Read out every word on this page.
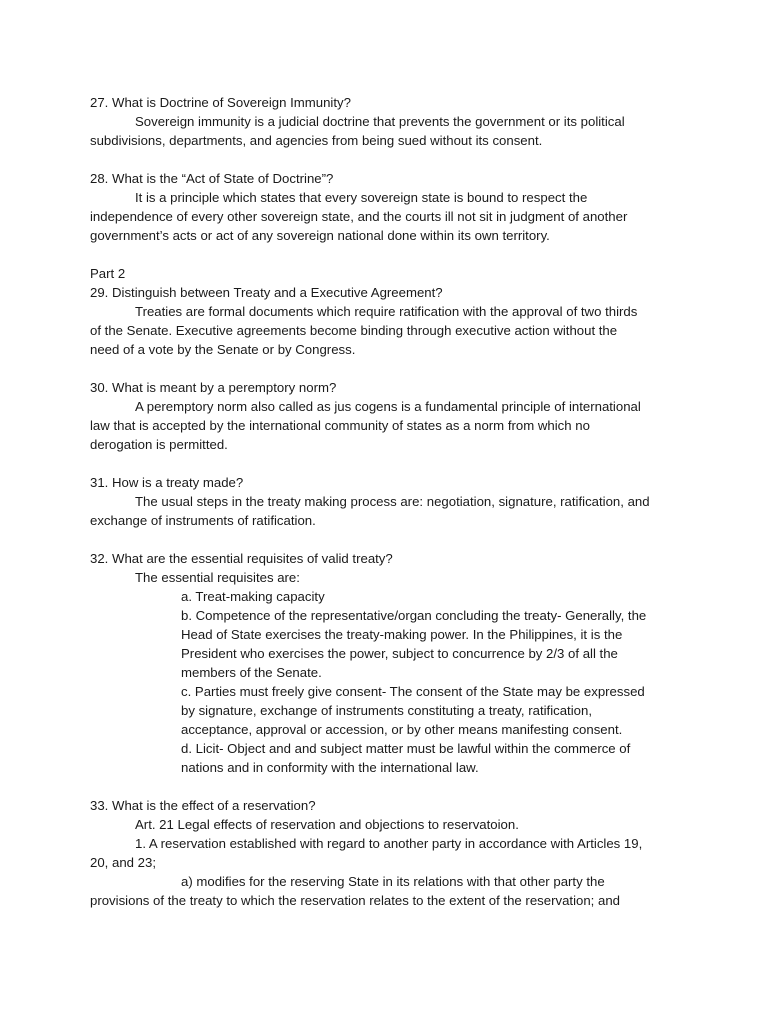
27. What is Doctrine of Sovereign Immunity?

Sovereign immunity is a judicial doctrine that prevents the government or its political

subdivisions, departments, and agencies from being sued without its consent.

28. What is the “Act of State of Doctrine”?

It is a principle which states that every sovereign state is bound to respect the

independence of every other sovereign state, and the courts ill not sit in judgment of another

government’s acts or act of any sovereign national done within its own territory.

Part 2

29. Distinguish between Treaty and a Executive Agreement?

Treaties are formal documents which require ratification with the approval of two thirds

of the Senate. Executive agreements become binding through executive action without the

need of a vote by the Senate or by Congress.

30. What is meant by a peremptory norm?

A peremptory norm also called as jus cogens is a fundamental principle of international

law that is accepted by the international community of states as a norm from which no

derogation is permitted.

31. How is a treaty made?

The usual steps in the treaty making process are: negotiation, signature, ratification, and

exchange of instruments of ratification.

32. What are the essential requisites of valid treaty?

The essential requisites are:

a. Treat-making capacity

b. Competence of the representative/organ concluding the treaty- Generally, the

Head of State exercises the treaty-making power. In the Philippines, it is the

President who exercises the power, subject to concurrence by 2/3 of all the

members of the Senate.

c. Parties must freely give consent- The consent of the State may be expressed

by signature, exchange of instruments constituting a treaty, ratification,

acceptance, approval or accession, or by other means manifesting consent.

d. Licit- Object and and subject matter must be lawful within the commerce of

nations and in conformity with the international law.

33. What is the effect of a reservation?

Art. 21 Legal effects of reservation and objections to reservatoion.

1. A reservation established with regard to another party in accordance with Articles 19,

20, and 23;

a) modifies for the reserving State in its relations with that other party the

provisions of the treaty to which the reservation relates to the extent of the reservation; and
